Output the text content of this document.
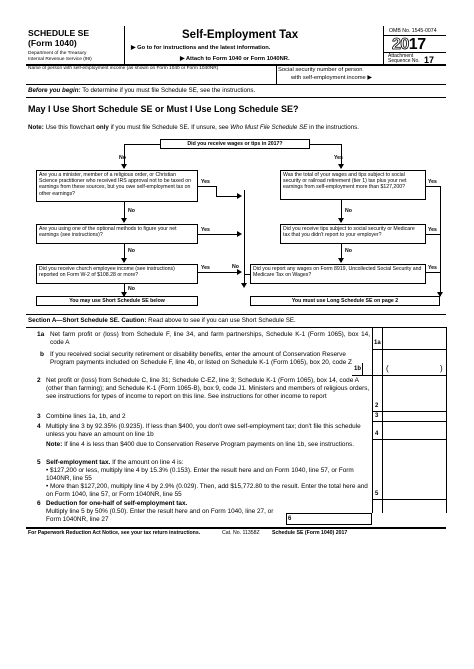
SCHEDULE SE
(Form 1040)
Department of the Treasury
Internal Revenue Service (99)
Self-Employment Tax
▶ Go to for instructions and the latest information.
▶ Attach to Form 1040 or Form 1040NR.
OMB No. 1545-0074
2017
Attachment
Sequence No. 17
Name of person with self-employment income (as shown on Form 1040 or Form 1040NR)	Social security number of person
with self-employment income ▶
Before you begin: To determine if you must file Schedule SE, see the instructions.
May I Use Short Schedule SE or Must I Use Long Schedule SE?
Note: Use this flowchart only if you must file Schedule SE. If unsure, see Who Must File Schedule SE in the instructions.
Did you receive wages or tips in 2017?
No	Yes
Are you a minister, member of a religious order, or Christian Science practitioner who received IRS approval not to be taxed on earnings from these sources, but you owe self-employment tax on other earnings?
Yes
No
Was the total of your wages and tips subject to social security or railroad retirement (tier 1) tax plus your net earnings from self-employment more than $127,200?
Yes
No
Are you using one of the optional methods to figure your net earnings (see instructions)?
Yes
No
Did you receive tips subject to social security or Medicare tax that you didn't report to your employer?
Yes
No
Did you receive church employee income (see instructions) reported on Form W-2 of $108.28 or more?
Yes
No
Did you report any wages on Form 8919, Uncollected Social Security and Medicare Tax on Wages?
Yes
No
You may use Short Schedule SE below	You must use Long Schedule SE on page 2
Section A—Short Schedule SE. Caution: Read above to see if you can use Short Schedule SE.
1a Net farm profit or (loss) from Schedule F, line 34, and farm partnerships, Schedule K-1 (Form 1065), box 14, code A	1a
b If you received social security retirement or disability benefits, enter the amount of Conservation Reserve Program payments included on Schedule F, line 4b, or listed on Schedule K-1 (Form 1065), box 20, code Z
1b	(	)
2 Net profit or (loss) from Schedule C, line 31; Schedule C-EZ, line 3; Schedule K-1 (Form 1065), box 14, code A (other than farming); and Schedule K-1 (Form 1065-B), box 9, code J1. Ministers and members of religious orders, see instructions for types of income to report on this line. See instructions for other income to report
2
3 Combine lines 1a, 1b, and 2	3
4 Multiply line 3 by 92.35% (0.9235). If less than $400, you don't owe self-employment tax; don't file this schedule unless you have an amount on line 1b	4
Note: If line 4 is less than $400 due to Conservation Reserve Program payments on line 1b, see instructions.
5 Self-employment tax. If the amount on line 4 is:
• $127,200 or less, multiply line 4 by 15.3% (0.153). Enter the result here and on Form 1040, line 57, or Form 1040NR, line 55
• More than $127,200, multiply line 4 by 2.9% (0.029). Then, add $15,772.80 to the result. Enter the total here and on Form 1040, line 57, or Form 1040NR, line 55	5
6 Deduction for one-half of self-employment tax.
Multiply line 5 by 50% (0.50). Enter the result here and on Form 1040, line 27, or Form 1040NR, line 27	6
For Paperwork Reduction Act Notice, see your tax return instructions.	Cat. No. 11358Z Schedule SE (Form 1040) 2017
